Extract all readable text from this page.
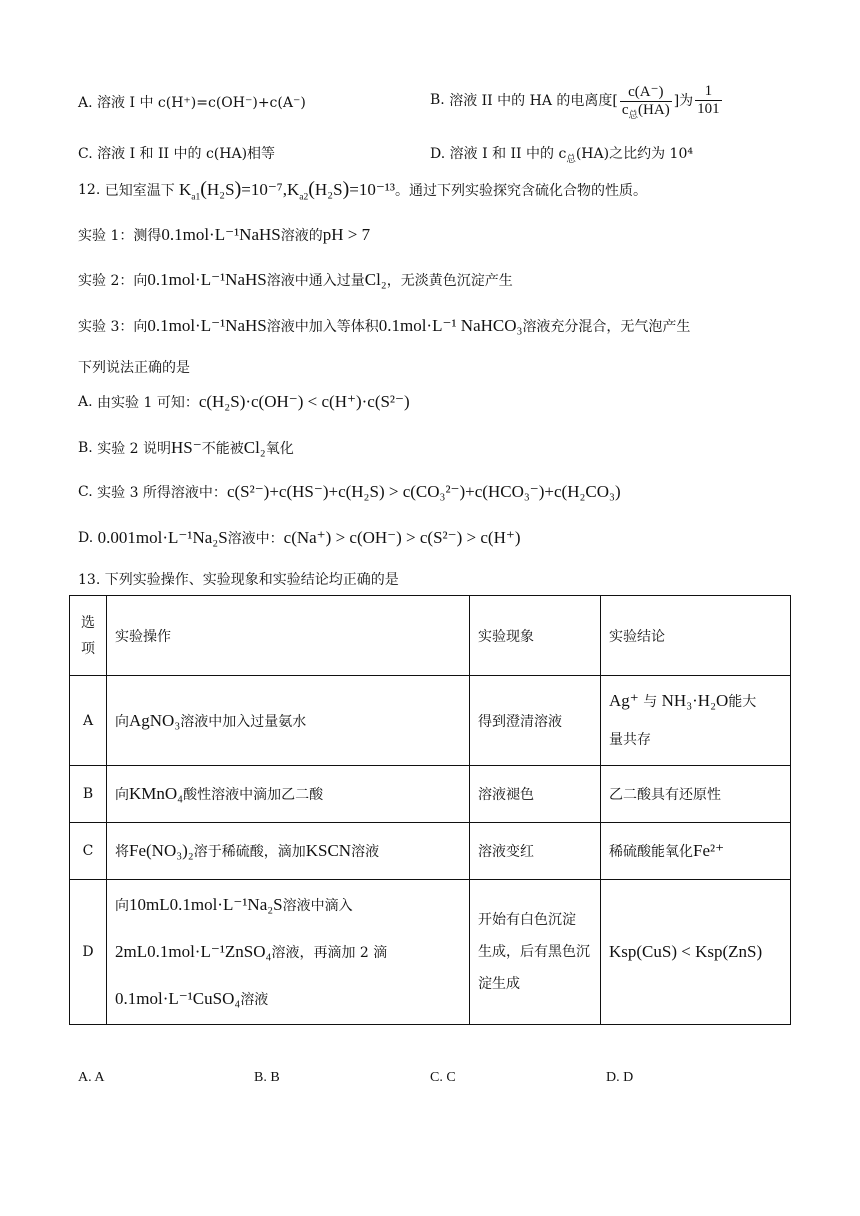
A. 溶液 I 中 c(H⁺)=c(OH⁻)+c(A⁻)	B.
溶液 II 中的 HA 的电离度[ $\frac{c(A^-)}{c_总(HA)}$ ]为 $\frac{1}{101}$
C. 溶液 I 和 II 中的 c(HA)相等	D. 溶液 I 和 II 中的 $c_总(HA)$之比约为 10⁴
12.
已知室温下 $K_{a1}(H_2S)=10^{-7}$, $K_{a2}(H_2S)=10^{-13}$ 。通过下列实验探究含硫化合物的性质。
实验 1：测得 0.1mol·L⁻¹NaHS 溶液的 pH > 7
实验 2：向 0.1mol·L⁻¹NaHS 溶液中通入过量 Cl₂ ，无淡黄色沉淀产生
实验 3：向 0.1mol·L⁻¹NaHS 溶液中加入等体积 0.1mol·L⁻¹ NaHCO₃ 溶液充分混合，无气泡产生
下列说法正确的是
A.
由实验 1 可知： c(H₂S)·c(OH⁻) < c(H⁺)·c(S²⁻)
B.
实验 2 说明 HS⁻ 不能被 Cl₂ 氧化
C.
实验 3 所得溶液中： c(S²⁻)+c(HS⁻)+c(H₂S) > c(CO₃²⁻)+c(HCO₃⁻)+c(H₂CO₃)
D.
0.001mol·L⁻¹Na₂S 溶液中： c(Na⁺) > c(OH⁻) > c(S²⁻) > c(H⁺)
13. 下列实验操作、实验现象和实验结论均正确的是
选
项	实验操作	实验现象	实验结论
A	向AgNO₃溶液中加入过量氨水	得到澄清溶液	Ag⁺ 与 NH₃·H₂O能大
量共存
B	向KMnO₄酸性溶液中滴加乙二酸	溶液褪色	乙二酸具有还原性
C	将Fe(NO₃)₂溶于稀硫酸，滴加KSCN溶液	溶液变红	稀硫酸能氧化Fe²⁺
D	向10mL0.1mol·L⁻¹Na₂S溶液中滴入
2mL0.1mol·L⁻¹ZnSO₄溶液，再滴加 2 滴
0.1mol·L⁻¹CuSO₄溶液	开始有白色沉淀
生成，后有黑色沉
淀生成	Ksp(CuS) < Ksp(ZnS)
A. A	B. B	C. C	D. D
